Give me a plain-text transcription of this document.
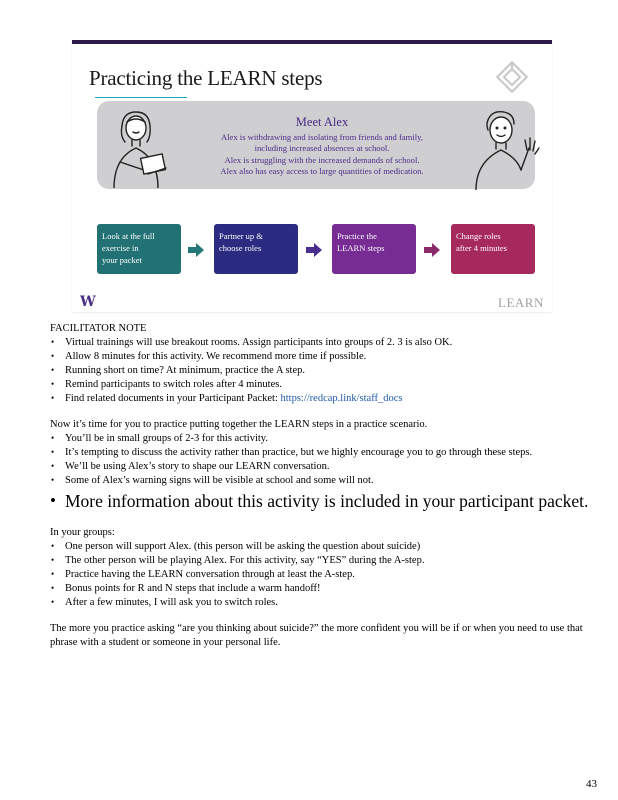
Practicing the LEARN steps
Meet Alex
Alex is withdrawing and isolating from friends and family,
including increased absences at school.
Alex is struggling with the increased demands of school.
Alex also has easy access to large quantities of medication.
Look at the full
exercise in
your packet
Partner up &
choose roles
Practice the
LEARN steps
Change roles
after 4 minutes
W	LEARN

FACILITATOR NOTE

• Virtual trainings will use breakout rooms. Assign participants into groups of 2. 3 is also OK.
• Allow 8 minutes for this activity. We recommend more time if possible.
• Running short on time? At minimum, practice the A step.
• Remind participants to switch roles after 4 minutes.
• Find related documents in your Participant Packet: https://redcap.link/staff_docs

Now it’s time for you to practice putting together the LEARN steps in a practice scenario.

• You’ll be in small groups of 2-3 for this activity.
• It’s tempting to discuss the activity rather than practice, but we highly encourage you to go through these steps.
• We’ll be using Alex’s story to shape our LEARN conversation.
• Some of Alex’s warning signs will be visible at school and some will not.
• More information about this activity is included in your participant packet.

In your groups:

• One person will support Alex. (this person will be asking the question about suicide)
• The other person will be playing Alex. For this activity, say “YES” during the A-step.
• Practice having the LEARN conversation through at least the A-step.
• Bonus points for R and N steps that include a warm handoff!
• After a few minutes, I will ask you to switch roles.

The more you practice asking “are you thinking about suicide?” the more confident you will be if or when you need to use that phrase with a student or someone in your personal life.

43
